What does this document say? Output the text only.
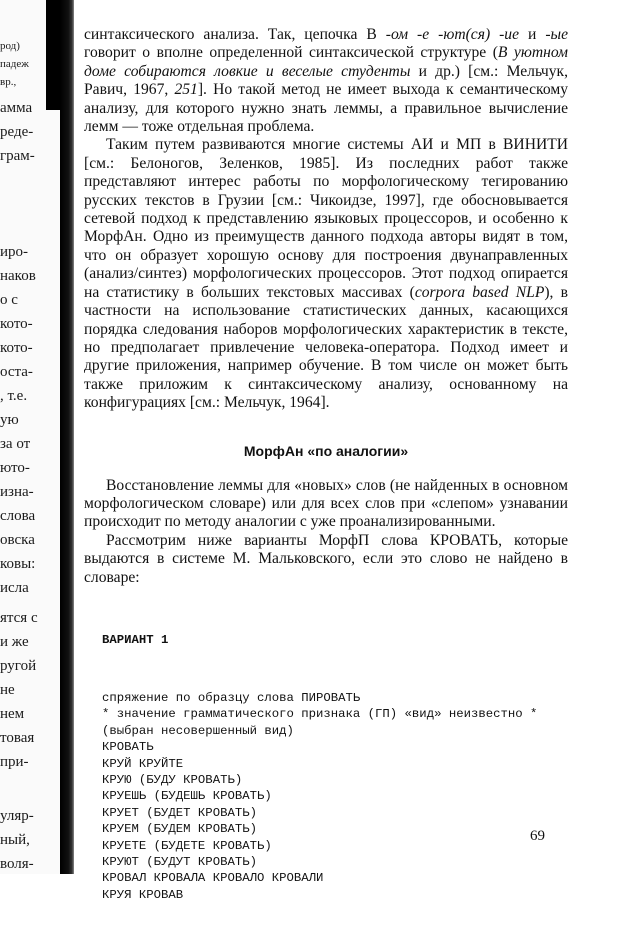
род)
падеж
вр.,
амма
реде-
грам-
иро-
наков
о с
кото-
кото-
оста-
, т.е.
ую
за от
юто-
изна-
слова
овска
ковы:
исла
ятся с
и же
ругой
не
нем
товая
при-
уляр-
ный,
воля-

синтаксического анализа. Так, цепочка В -ом -е -ют(ся) -ие и -ые говорит о вполне определенной синтаксической структуре (В уютном доме собираются ловкие и веселые студенты и др.) [см.: Мельчук, Равич, 1967, 251]. Но такой метод не имеет выхода к семантическому анализу, для которого нужно знать леммы, а правильное вычисление лемм — тоже отдельная проблема.

Таким путем развиваются многие системы АИ и МП в ВИНИТИ [см.: Белоногов, Зеленков, 1985]. Из последних работ также представляют интерес работы по морфологическому тегированию русских текстов в Грузии [см.: Чикоидзе, 1997], где обосновывается сетевой подход к представлению языковых процессоров, и особенно к МорфАн. Одно из преимуществ данного подхода авторы видят в том, что он образует хорошую основу для построения двунаправленных (анализ/синтез) морфологических процессоров. Этот подход опирается на статистику в больших текстовых массивах (corpora based NLP), в частности на использование статистических данных, касающихся порядка следования наборов морфологических характеристик в тексте, но предполагает привлечение человека-оператора. Подход имеет и другие приложения, например обучение. В том числе он может быть также приложим к синтаксическому анализу, основанному на конфигурациях [см.: Мельчук, 1964].

МорфАн «по аналогии»

Восстановление леммы для «новых» слов (не найденных в основном морфологическом словаре) или для всех слов при «слепом» узнавании происходит по методу аналогии с уже проанализированными.

Рассмотрим ниже варианты МорфП слова КРОВАТЬ, которые выдаются в системе М. Мальковского, если это слово не найдено в словаре:

ВАРИАНТ 1

спряжение по образцу слова ПИРОВАТЬ
* значение грамматического признака (ГП) «вид» неизвестно *
(выбран несовершенный вид)
КРОВАТЬ
КРУЙ КРУЙТЕ
КРУЮ (БУДУ КРОВАТЬ)
КРУЕШЬ (БУДЕШЬ КРОВАТЬ)
КРУЕТ (БУДЕТ КРОВАТЬ)
КРУЕМ (БУДЕМ КРОВАТЬ)
КРУЕТЕ (БУДЕТЕ КРОВАТЬ)
КРУЮТ (БУДУТ КРОВАТЬ)
КРОВАЛ КРОВАЛА КРОВАЛО КРОВАЛИ
КРУЯ КРОВАВ

69
